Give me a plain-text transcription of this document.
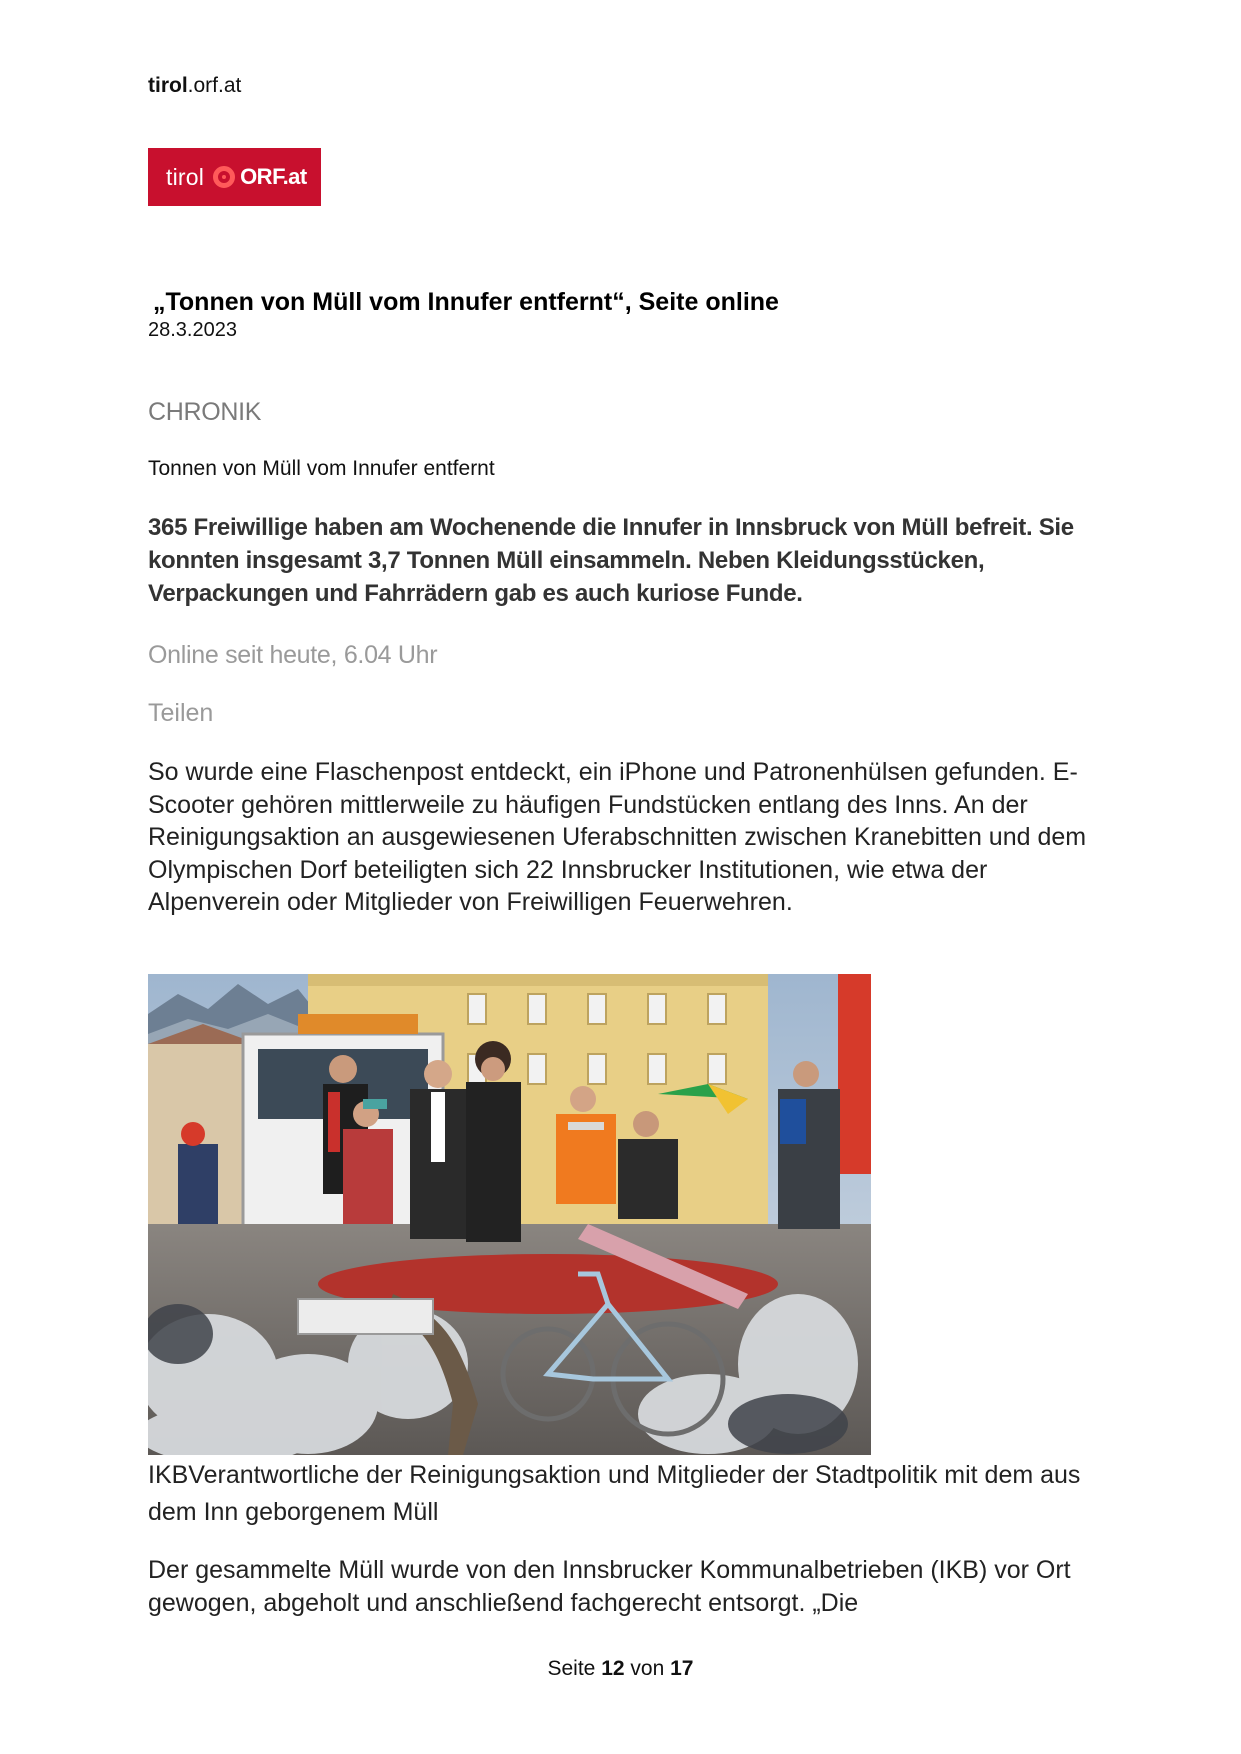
tirol.orf.at
tirol ORF.at
„Tonnen von Müll vom Innufer entfernt“, Seite online
28.3.2023
CHRONIK
Tonnen von Müll vom Innufer entfernt
365 Freiwillige haben am Wochenende die Innufer in Innsbruck von Müll befreit. Sie konnten insgesamt 3,7 Tonnen Müll einsammeln. Neben Kleidungsstücken, Verpackungen und Fahrrädern gab es auch kuriose Funde.
Online seit heute, 6.04 Uhr
Teilen
So wurde eine Flaschenpost entdeckt, ein iPhone und Patronenhülsen gefunden. E-Scooter gehören mittlerweile zu häufigen Fundstücken entlang des Inns. An der Reinigungsaktion an ausgewiesenen Uferabschnitten zwischen Kranebitten und dem Olympischen Dorf beteiligten sich 22 Innsbrucker Institutionen, wie etwa der Alpenverein oder Mitglieder von Freiwilligen Feuerwehren.
IKBVerantwortliche der Reinigungsaktion und Mitglieder der Stadtpolitik mit dem aus dem Inn geborgenem Müll
Der gesammelte Müll wurde von den Innsbrucker Kommunalbetrieben (IKB) vor Ort gewogen, abgeholt und anschließend fachgerecht entsorgt. „Die
Seite 12 von 17
